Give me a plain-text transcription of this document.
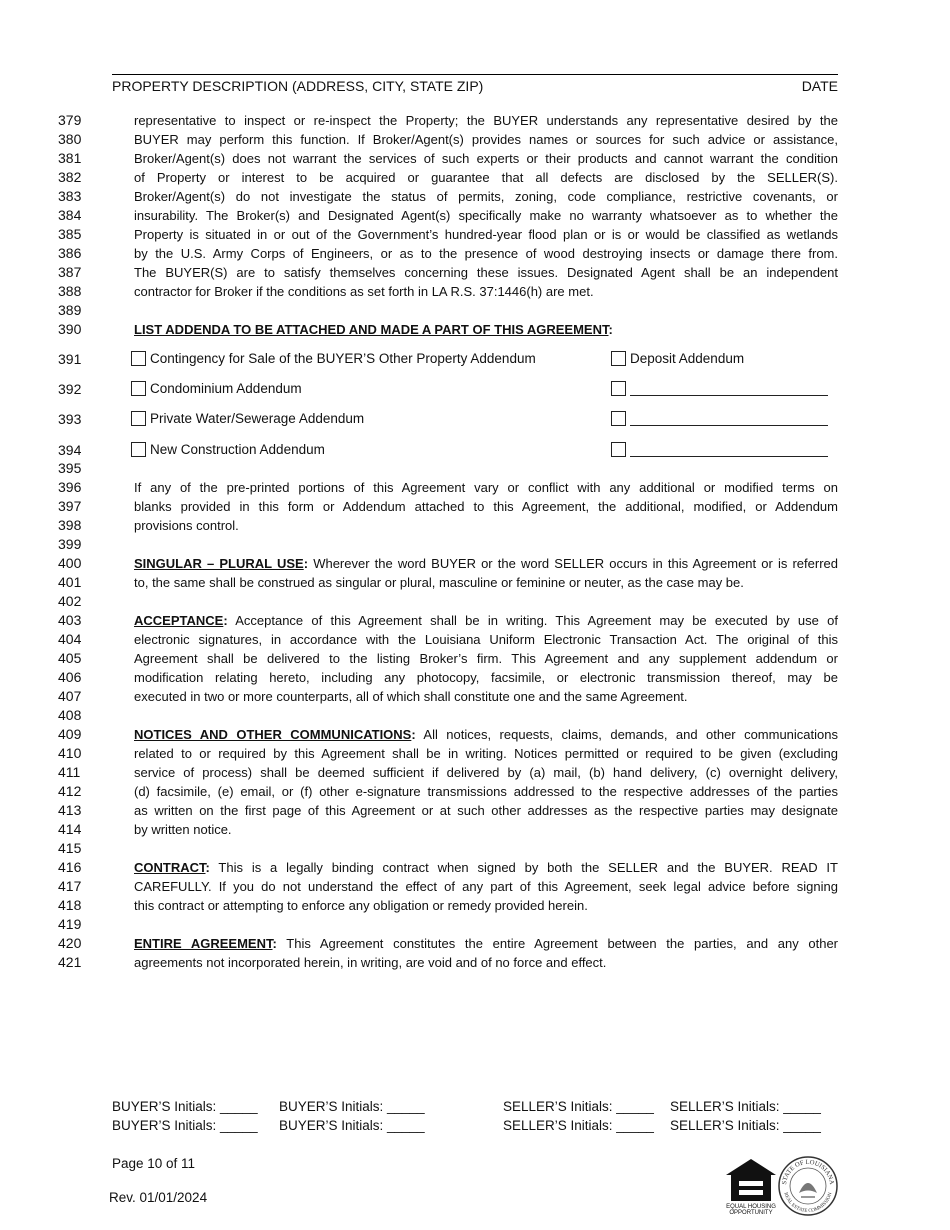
PROPERTY DESCRIPTION (ADDRESS, CITY, STATE ZIP)	DATE
379	representative to inspect or re-inspect the Property; the BUYER understands any representative desired by the
380	BUYER may perform this function. If Broker/Agent(s) provides names or sources for such advice or assistance,
381	Broker/Agent(s) does not warrant the services of such experts or their products and cannot warrant the condition
382	of Property or interest to be acquired or guarantee that all defects are disclosed by the SELLER(S).
383	Broker/Agent(s) do not investigate the status of permits, zoning, code compliance, restrictive covenants, or
384	insurability. The Broker(s) and Designated Agent(s) specifically make no warranty whatsoever as to whether the
385	Property is situated in or out of the Government’s hundred-year flood plan or is or would be classified as wetlands
386	by the U.S. Army Corps of Engineers, or as to the presence of wood destroying insects or damage there from.
387	The BUYER(S) are to satisfy themselves concerning these issues. Designated Agent shall be an independent
388	contractor for Broker if the conditions as set forth in LA R.S. 37:1446(h) are met.
389
390	LIST ADDENDA TO BE ATTACHED AND MADE A PART OF THIS AGREEMENT:
391	Contingency for Sale of the BUYER’S Other Property Addendum	Deposit Addendum
392	Condominium Addendum
393	Private Water/Sewerage Addendum
394	New Construction Addendum
395
396	If any of the pre-printed portions of this Agreement vary or conflict with any additional or modified terms on
397	blanks provided in this form or Addendum attached to this Agreement, the additional, modified, or Addendum
398	provisions control.
399
400	SINGULAR – PLURAL USE: Wherever the word BUYER or the word SELLER occurs in this Agreement or is referred
401	to, the same shall be construed as singular or plural, masculine or feminine or neuter, as the case may be.
402
403	ACCEPTANCE: Acceptance of this Agreement shall be in writing. This Agreement may be executed by use of
404	electronic signatures, in accordance with the Louisiana Uniform Electronic Transaction Act. The original of this
405	Agreement shall be delivered to the listing Broker’s firm. This Agreement and any supplement addendum or
406	modification relating hereto, including any photocopy, facsimile, or electronic transmission thereof, may be
407	executed in two or more counterparts, all of which shall constitute one and the same Agreement.
408
409	NOTICES AND OTHER COMMUNICATIONS: All notices, requests, claims, demands, and other communications
410	related to or required by this Agreement shall be in writing. Notices permitted or required to be given (excluding
411	service of process) shall be deemed sufficient if delivered by (a) mail, (b) hand delivery, (c) overnight delivery,
412	(d) facsimile, (e) email, or (f) other e-signature transmissions addressed to the respective addresses of the parties
413	as written on the first page of this Agreement or at such other addresses as the respective parties may designate
414	by written notice.
415
416	CONTRACT: This is a legally binding contract when signed by both the SELLER and the BUYER. READ IT
417	CAREFULLY. If you do not understand the effect of any part of this Agreement, seek legal advice before signing
418	this contract or attempting to enforce any obligation or remedy provided herein.
419
420	ENTIRE AGREEMENT: This Agreement constitutes the entire Agreement between the parties, and any other
421	agreements not incorporated herein, in writing, are void and of no force and effect.
BUYER’S Initials: _____ BUYER’S Initials: _____	SELLER’S Initials: _____ SELLER’S Initials: _____
BUYER’S Initials: _____ BUYER’S Initials: _____	SELLER’S Initials: _____ SELLER’S Initials: _____
Page 10 of 11
Rev. 01/01/2024
EQUAL HOUSING
OPPORTUNITY
STATE OF LOUISIANA
REAL ESTATE COMMISSION
